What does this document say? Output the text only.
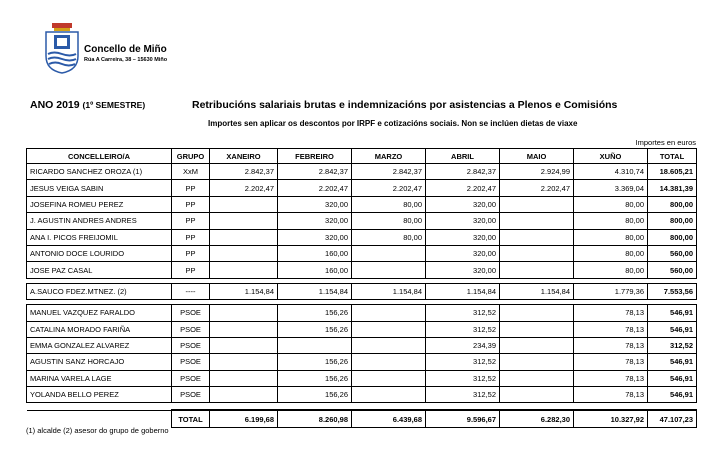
Concello de Miño
Rúa A Carreira, 38 – 15630 Miño
ANO 2019 (1º SEMESTRE)	Retribucións salariais brutas e indemnizacións por asistencias a Plenos e Comisións
Importes sen aplicar os descontos por IRPF e cotizacións sociais. Non se inclúen dietas de viaxe
Importes en euros
CONCELLEIRO/A	GRUPO	XANEIRO	FEBREIRO	MARZO	ABRIL	MAIO	XUÑO	TOTAL
RICARDO SANCHEZ OROZA (1)	XxM	2.842,37	2.842,37	2.842,37	2.842,37	2.924,99	4.310,74	18.605,21
JESUS VEIGA SABIN	PP	2.202,47	2.202,47	2.202,47	2.202,47	2.202,47	3.369,04	14.381,39
JOSEFINA ROMEU PEREZ	PP		320,00	80,00	320,00		80,00	800,00
J. AGUSTIN ANDRES ANDRES	PP		320,00	80,00	320,00		80,00	800,00
ANA I. PICOS FREIJOMIL	PP		320,00	80,00	320,00		80,00	800,00
ANTONIO DOCE LOURIDO	PP		160,00		320,00		80,00	560,00
JOSE PAZ CASAL	PP		160,00		320,00		80,00	560,00

A.SAUCO FDEZ.MTNEZ. (2)	----	1.154,84	1.154,84	1.154,84	1.154,84	1.154,84	1.779,36	7.553,56

MANUEL VAZQUEZ FARALDO	PSOE		156,26		312,52		78,13	546,91
CATALINA MORADO FARIÑA	PSOE		156,26		312,52		78,13	546,91
EMMA GONZALEZ ALVAREZ	PSOE				234,39		78,13	312,52
AGUSTIN SANZ HORCAJO	PSOE		156,26		312,52		78,13	546,91
MARINA VARELA LAGE	PSOE		156,26		312,52		78,13	546,91
YOLANDA BELLO PEREZ	PSOE		156,26		312,52		78,13	546,91

	TOTAL	6.199,68	8.260,98	6.439,68	9.596,67	6.282,30	10.327,92	47.107,23
(1) alcalde (2) asesor do grupo de goberno
